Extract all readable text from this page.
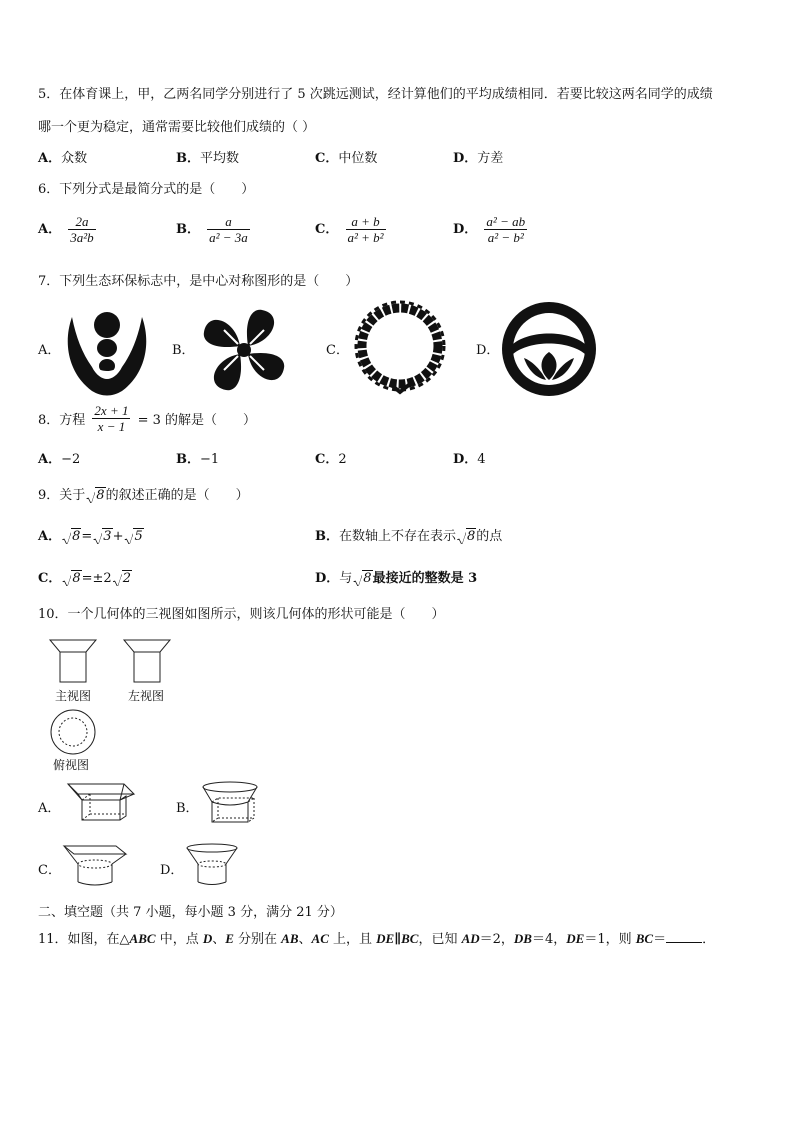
5．在体育课上，甲，乙两名同学分别进行了 5 次跳远测试，经计算他们的平均成绩相同．若要比较这两名同学的成绩
哪一个更为稳定，通常需要比较他们成绩的（ ）
A．众数	B．平均数	C．中位数	D．方差
6．下列分式是最简分式的是（　　）
A． $\frac{2a}{\text{3a²b}}$	B． $\frac{a}{\text{a² − 3a}}$	C． $\frac{a + b}{\text{a² + b²}}$	D． $\frac{\text{a² − ab}}{\text{a² − b²}}$
7．下列生态环保标志中，是中心对称图形的是（　　）
A．	B．	C．	D．
8．方程 $\frac{2x + 1}{x - 1} = 3$ 的解是（　　）
A．−2	B．−1	C．2	D．4
9．关于 8的叙述正确的是（　　）
A． 8= 3+ 5	B．在数轴上不存在表示 8的点
C． 8=±2 2	D．与 8最接近的整数是 3
10．一个几何体的三视图如图所示，则该几何体的形状可能是（　　）
主视图	左视图
俯视图
A．	B．
C．	D．
二、填空题（共 7 小题，每小题 3 分，满分 21 分）
11．如图，在△ABC 中，点 D、E 分别在 AB、AC 上，且 DE∥BC，已知 AD＝2，DB＝4，DE＝1，则 BC＝	．
